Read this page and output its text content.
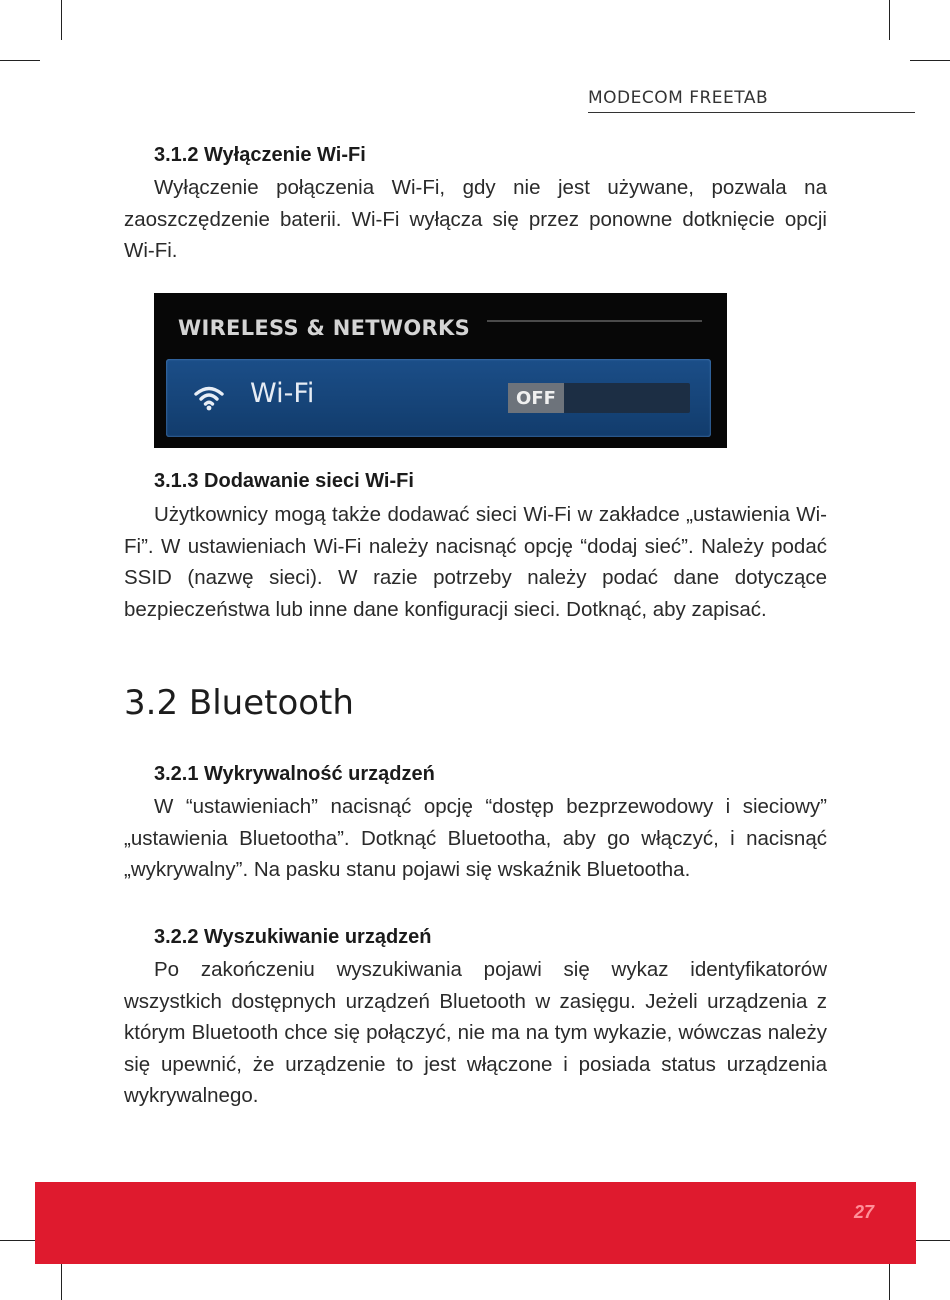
MODECOM FREETAB
3.1.2 Wyłączenie Wi-Fi

Wyłączenie połączenia Wi-Fi, gdy nie jest używane, pozwala na zaoszczędzenie baterii. Wi-Fi wyłącza się przez ponowne dotknięcie opcji Wi-Fi.

WIRELESS & NETWORKS
Wi-Fi	OFF
3.1.3 Dodawanie sieci Wi-Fi

Użytkownicy mogą także dodawać sieci Wi-Fi w zakładce „ustawienia Wi-Fi”. W ustawieniach Wi-Fi należy nacisnąć opcję “dodaj sieć”. Należy podać SSID (nazwę sieci). W razie potrzeby należy podać dane dotyczące bezpieczeństwa lub inne dane konfiguracji sieci. Dotknąć, aby zapisać.

3.2 Bluetooth
3.2.1 Wykrywalność urządzeń

W “ustawieniach” nacisnąć opcję “dostęp bezprzewodowy i sieciowy” „ustawienia Bluetootha”. Dotknąć Bluetootha, aby go włączyć, i nacisnąć „wykrywalny”. Na pasku stanu pojawi się wskaźnik Bluetootha.

3.2.2 Wyszukiwanie urządzeń

Po zakończeniu wyszukiwania pojawi się wykaz identyfikatorów wszystkich dostępnych urządzeń Bluetooth w zasięgu. Jeżeli urządzenia z którym Bluetooth chce się połączyć, nie ma na tym wykazie, wówczas należy się upewnić, że urządzenie to jest włączone i posiada status urządzenia wykrywalnego.

27
